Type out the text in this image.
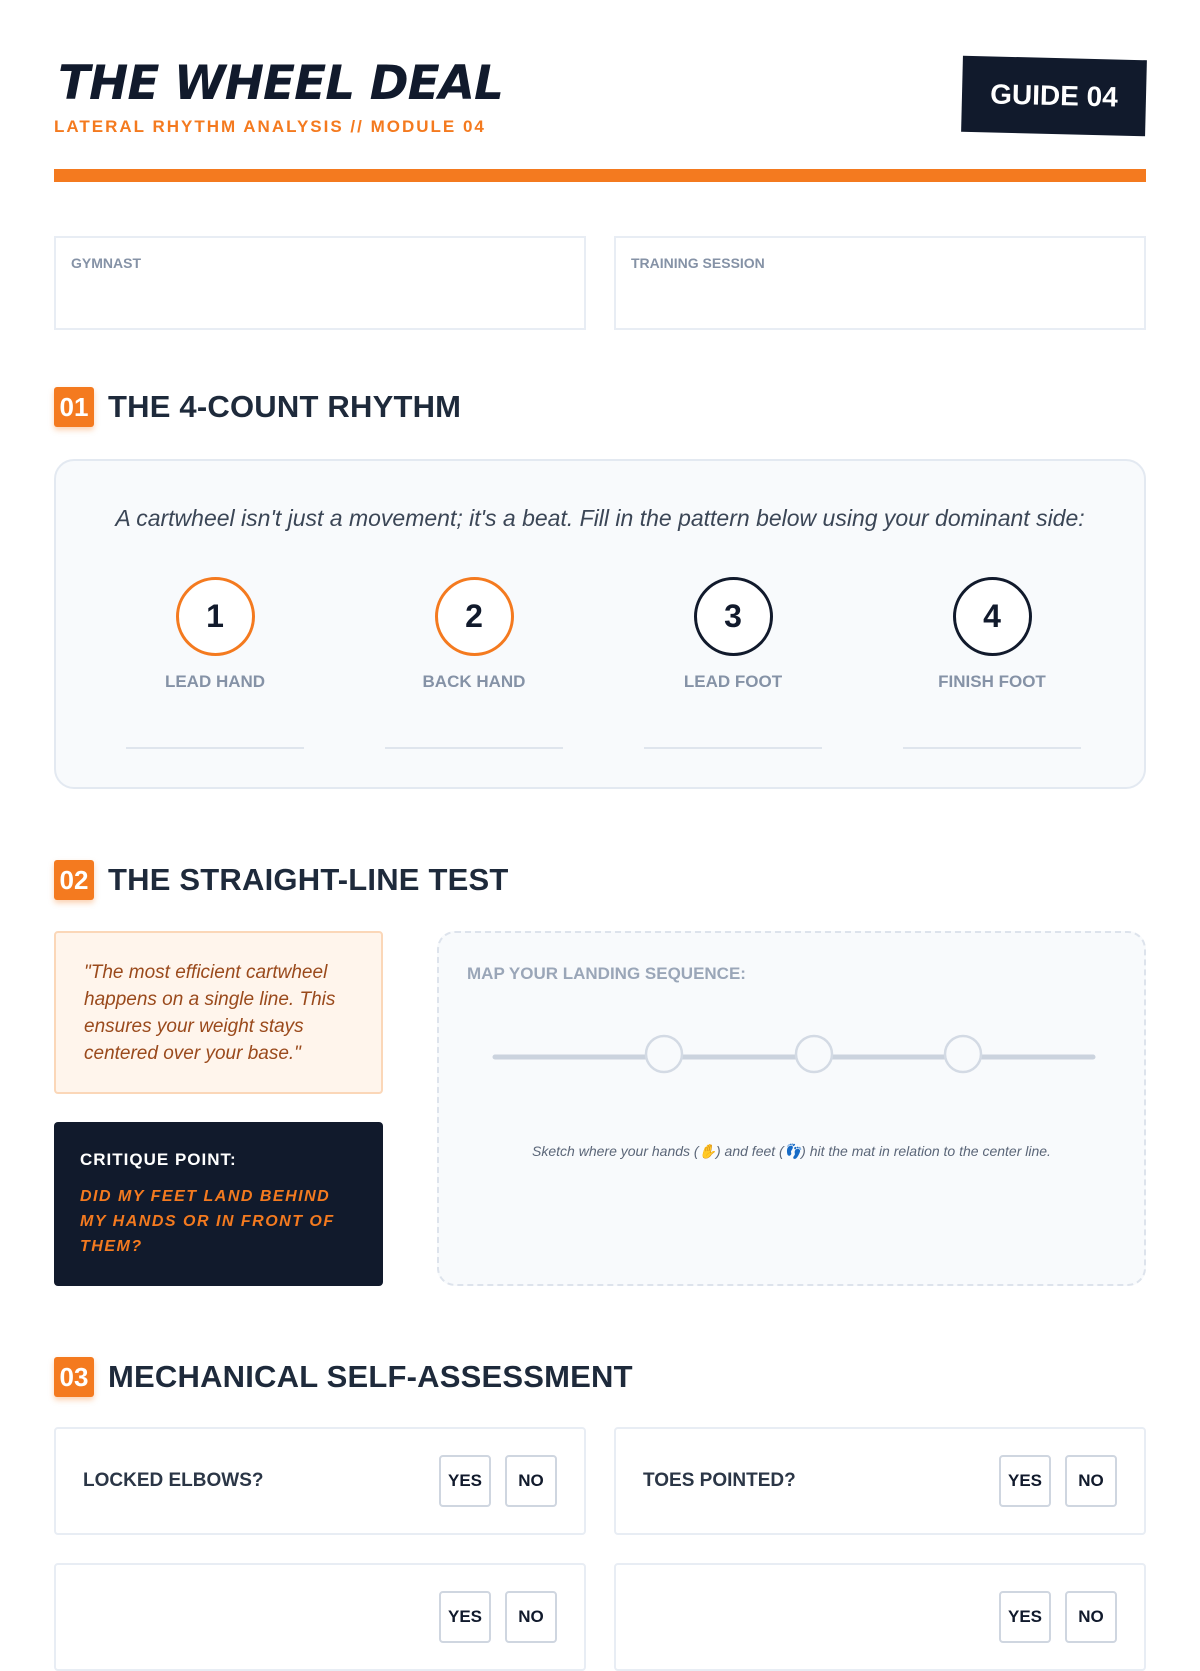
THE WHEEL DEAL
LATERAL RHYTHM ANALYSIS // MODULE 04
GUIDE 04
GYMNAST	TRAINING SESSION
01 THE 4-COUNT RHYTHM
A cartwheel isn't just a movement; it's a beat. Fill in the pattern below using your dominant side:
1
LEAD HAND
2
BACK HAND
3
LEAD FOOT
4
FINISH FOOT
02 THE STRAIGHT-LINE TEST
"The most efficient cartwheel happens on a single line. This ensures your weight stays centered over your base."
CRITIQUE POINT:
DID MY FEET LAND BEHIND MY HANDS OR IN FRONT OF THEM?
MAP YOUR LANDING SEQUENCE:
Sketch where your hands (✋) and feet (👣) hit the mat in relation to the center line.
03 MECHANICAL SELF-ASSESSMENT
LOCKED ELBOWS?	YES	NO	TOES POINTED?	YES	NO
YES	NO	YES	NO
